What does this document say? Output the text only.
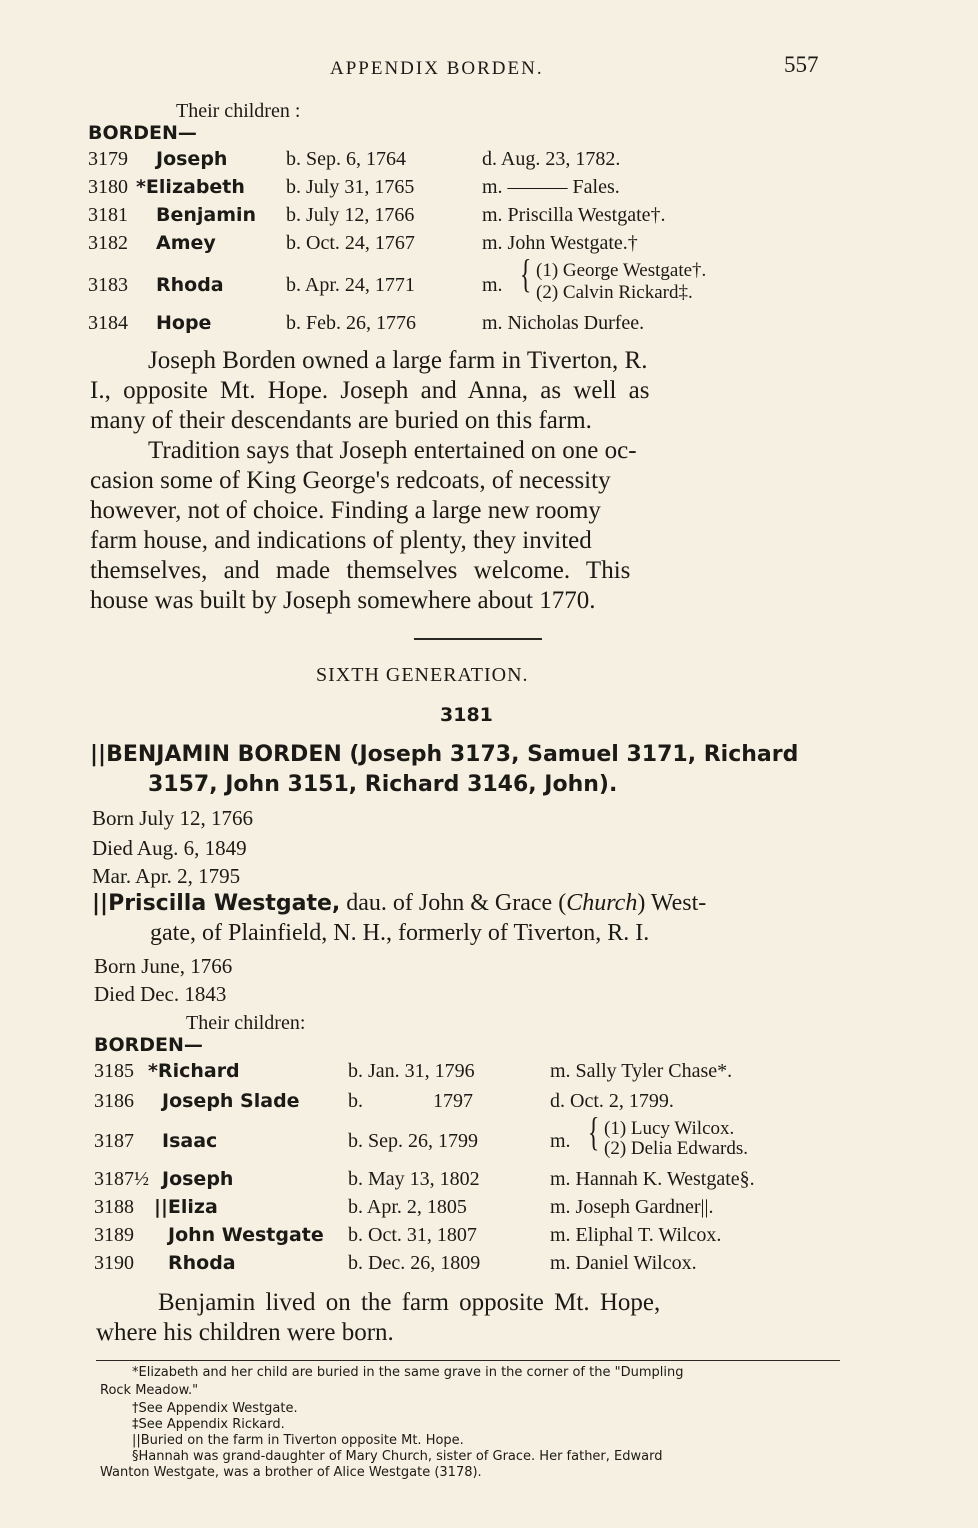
APPENDIX BORDEN.	557
Their children :
BORDEN—
3179 Joseph	b. Sep. 6, 1764	d. Aug. 23, 1782.
3180 *Elizabeth b. July 31, 1765	m. ——— Fales.
3181 Benjamin b. July 12, 1766	m. Priscilla Westgate†.
3182 Amey	b. Oct. 24, 1767	m. John Westgate.†
3183 Rhoda	b. Apr. 24, 1771	m. { (1) George Westgate†.
(2) Calvin Rickard‡.
3184 Hope	b. Feb. 26, 1776	m. Nicholas Durfee.
Joseph Borden owned a large farm in Tiverton, R.
I., opposite Mt. Hope. Joseph and Anna, as well as
many of their descendants are buried on this farm.
Tradition says that Joseph entertained on one oc-
casion some of King George's redcoats, of necessity
however, not of choice. Finding a large new roomy
farm house, and indications of plenty, they invited
themselves, and made themselves welcome. This
house was built by Joseph somewhere about 1770.
SIXTH GENERATION.
3181
||BENJAMIN BORDEN (Joseph 3173, Samuel 3171, Richard
3157, John 3151, Richard 3146, John).
Born July 12, 1766
Died Aug. 6, 1849
Mar. Apr. 2, 1795
||Priscilla Westgate, dau. of John & Grace (Church) West-
gate, of Plainfield, N. H., formerly of Tiverton, R. I.
Born June, 1766
Died Dec. 1843
Their children:
BORDEN—
3185 *Richard	b. Jan. 31, 1796	m. Sally Tyler Chase*.
3186 Joseph Slade b.              1797	d. Oct. 2, 1799.
3187 Isaac	b. Sep. 26, 1799	m. { (1) Lucy Wilcox.
(2) Delia Edwards.
3187½ Joseph	b. May 13, 1802	m. Hannah K. Westgate§.
3188 ||Eliza	b. Apr. 2, 1805	m. Joseph Gardner||.
3189 John Westgate b. Oct. 31, 1807	m. Eliphal T. Wilcox.
3190 Rhoda	b. Dec. 26, 1809	m. Daniel Wilcox.
Benjamin lived on the farm opposite Mt. Hope,
where his children were born.
*Elizabeth and her child are buried in the same grave in the corner of the "Dumpling
Rock Meadow."
†See Appendix Westgate.
‡See Appendix Rickard.
||Buried on the farm in Tiverton opposite Mt. Hope.
§Hannah was grand-daughter of Mary Church, sister of Grace. Her father, Edward
Wanton Westgate, was a brother of Alice Westgate (3178).
